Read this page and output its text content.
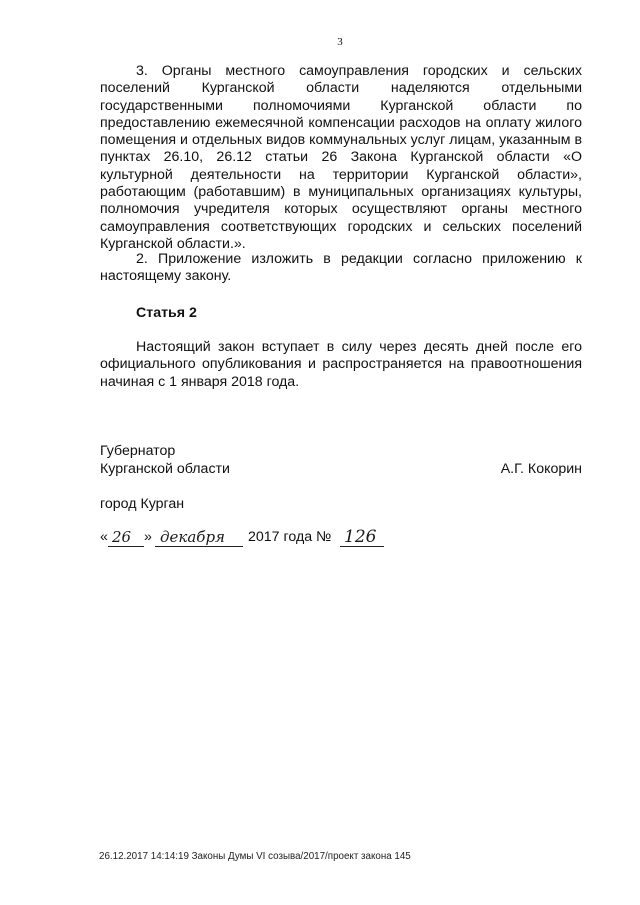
3
3. Органы местного самоуправления городских и сельских поселений Курганской области наделяются отдельными государственными полномочиями Курганской области по предоставлению ежемесячной компенсации расходов на оплату жилого помещения и отдельных видов коммунальных услуг лицам, указанным в пунктах 26.10, 26.12 статьи 26 Закона Курганской области «О культурной деятельности на территории Курганской области», работающим (работавшим) в муниципальных организациях культуры, полномочия учредителя которых осуществляют органы местного самоуправления соответствующих городских и сельских поселений Курганской области.».
2. Приложение изложить в редакции согласно приложению к настоящему закону.
Статья 2
Настоящий закон вступает в силу через десять дней после его официального опубликования и распространяется на правоотношения начиная с 1 января 2018 года.
Губернатор
Курганской области	А.Г. Кокорин
город Курган
« 26 » декабря 2017 года № 126
26.12.2017 14:14:19 Законы Думы VI созыва/2017/проект закона 145
